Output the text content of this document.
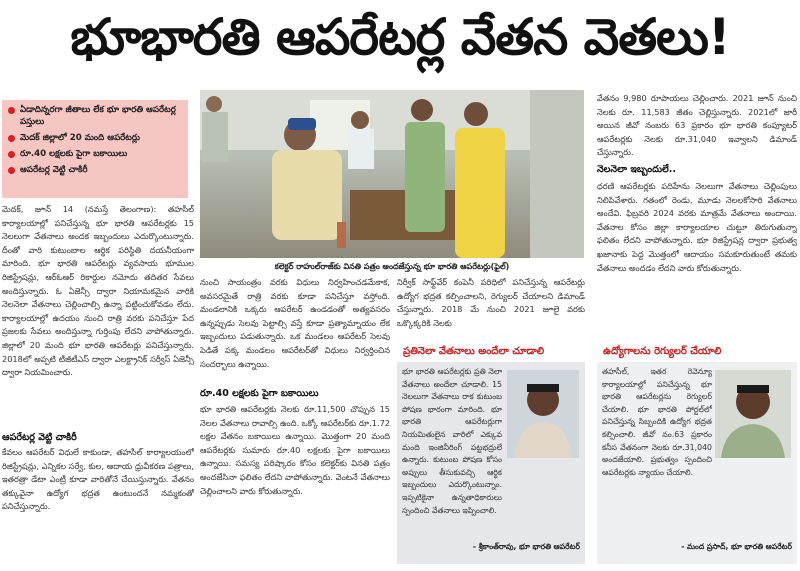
భూభారతి ఆపరేటర్ల వేతన వెతలు!
ఏడాదిన్నరగా జీతాలు లేక భూ భారతి ఆపరేటర్ల పస్తులు
మెదక్ జిల్లాలో 20 మంది ఆపరేటర్లు
రూ.40 లక్షలకు పైగా బకాయిలు
ఆపరేటర్ల వెట్టి చాకిరీ

మెదక్, జూన్ 14 (నమస్తే తెలంగాణ): తహసీల్ కార్యాలయాల్లో పనిచేస్తున్న భూ భారతి ఆపరేటర్లకు 15 నెలలుగా వేతనాలు అందక ఇబ్బందులు ఎదుర్కొంటున్నారు. దీంతో వారి కుటుంబాల ఆర్థిక పరిస్థితి దయనీయంగా మారింది. భూ భారతి ఆపరేటర్లు వ్యవసాయ భూముల రిజిస్ట్రేషన్లు, ఆర్ఓఆర్ రికార్డుల నమోదు తదితర సేవలు అందిస్తున్నారు. ఓ ఏజెన్సీ ద్వారా నియామకమైన వారికి నెలనెలా వేతనాలు చెల్లించాల్సి ఉన్నా పట్టించుకోవడం లేదు. కార్యాలయాల్లో ఉదయం నుంచి రాత్రి వరకు పనిచేస్తూ పేద ప్రజలకు సేవలు అందిస్తున్నా గుర్తింపు లేదని వాపోతున్నారు. జిల్లాలో 20 మంది భూ భారతి ఆపరేటర్లు పనిచేస్తున్నారు. 2018లో అప్పటి టీజీటీఎస్ ద్వారా ఎలక్ట్రానిక్ సర్వీస్ ఏజెన్సీ ద్వారా నియమించారు.

ఆపరేటర్ల వెట్టి చాకిరీ

కేవలం ఆపరేటర్ విధులే కాకుండా, తహసీల్ కార్యాలయంలో రిజిస్ట్రేషన్లు, ఎన్నికల సర్వే, కుల, ఆదాయ ధ్రువీకరణ పత్రాలు, ఇతరత్రా డేటా ఎంట్రీ కూడా వారితోనే చేయిస్తున్నారు. వేతనం తక్కువైనా ఉద్యోగ భద్రత ఉంటుందనే నమ్మకంతో పనిచేస్తున్నారు.

కలెక్టర్ రాహుల్‌రాజ్‌కు వినతి పత్రం అందజేస్తున్న భూ భారతి ఆపరేటర్లు(ఫైల్)

నుంచి సాయంత్రం వరకు విధులు నిర్వహించడమేకాక, అవసరమైతే రాత్రి వరకు కూడా పనిచేస్తూ వస్తోంది. మండలానికి ఒక్కరు ఆపరేటర్ ఉండడంతో అత్యవసరం ఉన్నప్పుడు సెలవు పెట్టాల్సి వస్తే కూడా ప్రత్యామ్నాయం లేక ఇబ్బందులు పడుతున్నారు. ఒక మండలం ఆపరేటర్ సెలవు పెడితే పక్క మండలం ఆపరేటర్‌తో విధులు నిర్వర్తించిన సందర్భాలు ఉన్నాయి.

రూ.40 లక్షలకు పైగా బకాయిలు

భూ భారతి ఆపరేటర్లకు నెలకు రూ.11,500 చొప్పున 15 నెలల వేతనాలు రావాల్సి ఉంది. ఒక్కో ఆపరేటర్‌కు రూ.1.72 లక్షల వేతనం బకాయిలు ఉన్నాయి. మొత్తంగా 20 మంది ఆపరేటర్లకు సుమారు రూ.40 లక్షలకు పైగా బకాయిలు ఉన్నాయి. సమస్య పరిష్కారం కోసం కలెక్టర్‌కు వినతి పత్రం అందజేసినా ఫలితం లేదని వాపోతున్నారు. వెంటనే వేతనాలు చెల్లించాలని వారు కోరుతున్నారు.

నిర్వీక్ సాఫ్ట్‌వేర్ కంపెనీ పరిధిలో పనిచేస్తున్న ఆపరేటర్లు ఉద్యోగ భద్రత కల్పించాలని, రెగ్యులర్ చేయాలని డిమాండ్ చేస్తున్నారు. 2018 మే నుంచి 2021 జూలై వరకు ఒక్కొక్కరికి నెలకు

ప్రతినెలా వేతనాలు అందేలా చూడాలి

భూ భారతి ఆపరేటర్లకు ప్రతి నెలా వేతనాలు అందేలా చూడాలి. 15 నెలలుగా వేతనాలు రాక కుటుంబ పోషణ భారంగా మారింది. భూ భారతి ఆపరేటర్లుగా నియమితులైన వారిలో ఎక్కువ మంది ఇంజినీరింగ్ పట్టభద్రులే ఉన్నారు. కుటుంబ పోషణ కోసం అప్పులు తీసుకువచ్చి ఆర్థిక ఇబ్బందులు ఎదుర్కొంటున్నాం. ఇప్పటికైనా ఉన్నతాధికారులు స్పందించి వేతనాలు ఇప్పించాలి.

- శ్రీకాంత్‌రావు, భూ భారతి ఆపరేటర్

వేతనం 9,980 రూపాయలు చెల్లించారు. 2021 జూన్ నుంచి నెలకు రూ. 11,583 జీతం చెల్లిస్తున్నారు. 2021లో జారీ అయిన జీవో నంబరు 63 ప్రకారం భూ భారతి కంప్యూటర్ ఆపరేటర్లకు నెలకు రూ.31,040 ఇవ్వాలని డిమాండ్ చేస్తున్నారు.

నెలనెలా ఇబ్బందులే..

ధరణి ఆపరేటర్లకు పదిహేను నెలలుగా వేతనాలు చెల్లింపులు నిలిపివేశారు. గతంలో రెండు, మూడు నెలలకోసారి వేతనాలు అందేవి. ఫిబ్రవరి 2024 వరకు మాత్రమే వేతనాలు అందాయి. వేతనాల కోసం జిల్లా కార్యాలయాల చుట్టూ తిరుగుతున్నా ఫలితం లేదని వాపోతున్నారు. భూ రిజిస్ట్రేషన్ల ద్వారా ప్రభుత్వ ఖజానాకు పెద్ద మొత్తంలో ఆదాయం సమకూరుతుంటే తమకు వేతనాలు అందడం లేదని వారు కోరుతున్నారు.

ఉద్యోగాలను రెగ్యులర్ చేయాలి

తహసీల్, ఇతర రెవెన్యూ కార్యాలయాల్లో పనిచేస్తున్న భూ భారతి ఆపరేటర్లను రెగ్యులర్ చేయాలి. భూ భారతి పోర్టల్‌లో పనిచేస్తున్న సిబ్బందికి ఉద్యోగ భద్రత కల్పించాలి. జీవో నం.63 ప్రకారం కనీస వేతనంగా నెలకు రూ.31,040 అందజేయాలి. ప్రభుత్వం స్పందించి ఆపరేటర్లకు న్యాయం చేయాలి.

- మంద ప్రసాద్, భూ భారతి ఆపరేటర్
